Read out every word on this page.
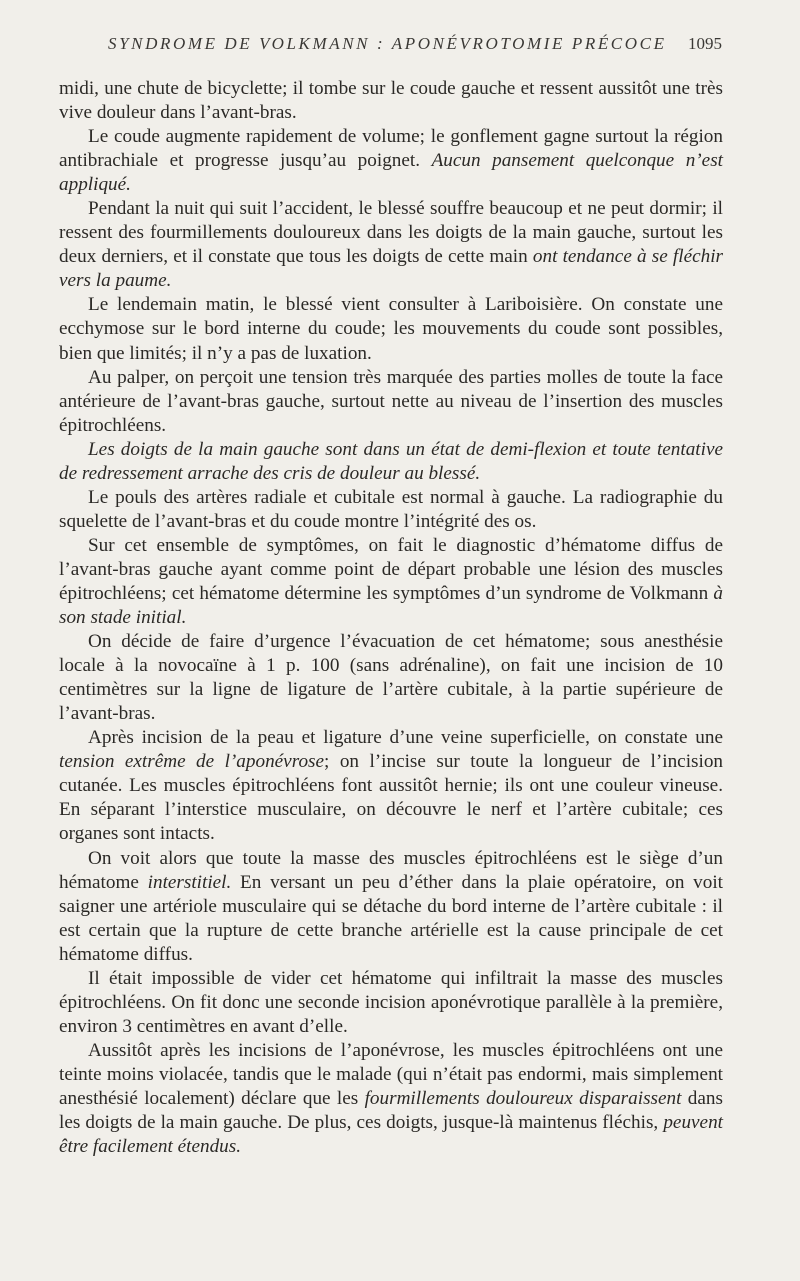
SYNDROME DE VOLKMANN : APONÉVROTOMIE PRÉCOCE 1095

midi, une chute de bicyclette; il tombe sur le coude gauche et ressent aussitôt une très vive douleur dans l’avant-bras.

Le coude augmente rapidement de volume; le gonflement gagne surtout la région antibrachiale et progresse jusqu’au poignet. Aucun pansement quelconque n’est appliqué.

Pendant la nuit qui suit l’accident, le blessé souffre beaucoup et ne peut dormir; il ressent des fourmillements douloureux dans les doigts de la main gauche, surtout les deux derniers, et il constate que tous les doigts de cette main ont tendance à se fléchir vers la paume.

Le lendemain matin, le blessé vient consulter à Lariboisière. On constate une ecchymose sur le bord interne du coude; les mouvements du coude sont possibles, bien que limités; il n’y a pas de luxation.

Au palper, on perçoit une tension très marquée des parties molles de toute la face antérieure de l’avant-bras gauche, surtout nette au niveau de l’insertion des muscles épitrochléens.

Les doigts de la main gauche sont dans un état de demi-flexion et toute tentative de redressement arrache des cris de douleur au blessé.

Le pouls des artères radiale et cubitale est normal à gauche. La radiographie du squelette de l’avant-bras et du coude montre l’intégrité des os.

Sur cet ensemble de symptômes, on fait le diagnostic d’hématome diffus de l’avant-bras gauche ayant comme point de départ probable une lésion des muscles épitrochléens; cet hématome détermine les symptômes d’un syndrome de Volkmann à son stade initial.

On décide de faire d’urgence l’évacuation de cet hématome; sous anesthésie locale à la novocaïne à 1 p. 100 (sans adrénaline), on fait une incision de 10 centimètres sur la ligne de ligature de l’artère cubitale, à la partie supérieure de l’avant-bras.

Après incision de la peau et ligature d’une veine superficielle, on constate une tension extrême de l’aponévrose; on l’incise sur toute la longueur de l’incision cutanée. Les muscles épitrochléens font aussitôt hernie; ils ont une couleur vineuse. En séparant l’interstice musculaire, on découvre le nerf et l’artère cubitale; ces organes sont intacts.

On voit alors que toute la masse des muscles épitrochléens est le siège d’un hématome interstitiel. En versant un peu d’éther dans la plaie opératoire, on voit saigner une artériole musculaire qui se détache du bord interne de l’artère cubitale : il est certain que la rupture de cette branche artérielle est la cause principale de cet hématome diffus.

Il était impossible de vider cet hématome qui infiltrait la masse des muscles épitrochléens. On fit donc une seconde incision aponévrotique parallèle à la première, environ 3 centimètres en avant d’elle.

Aussitôt après les incisions de l’aponévrose, les muscles épitrochléens ont une teinte moins violacée, tandis que le malade (qui n’était pas endormi, mais simplement anesthésié localement) déclare que les fourmillements douloureux disparaissent dans les doigts de la main gauche. De plus, ces doigts, jusque-là maintenus fléchis, peuvent être facilement étendus.
